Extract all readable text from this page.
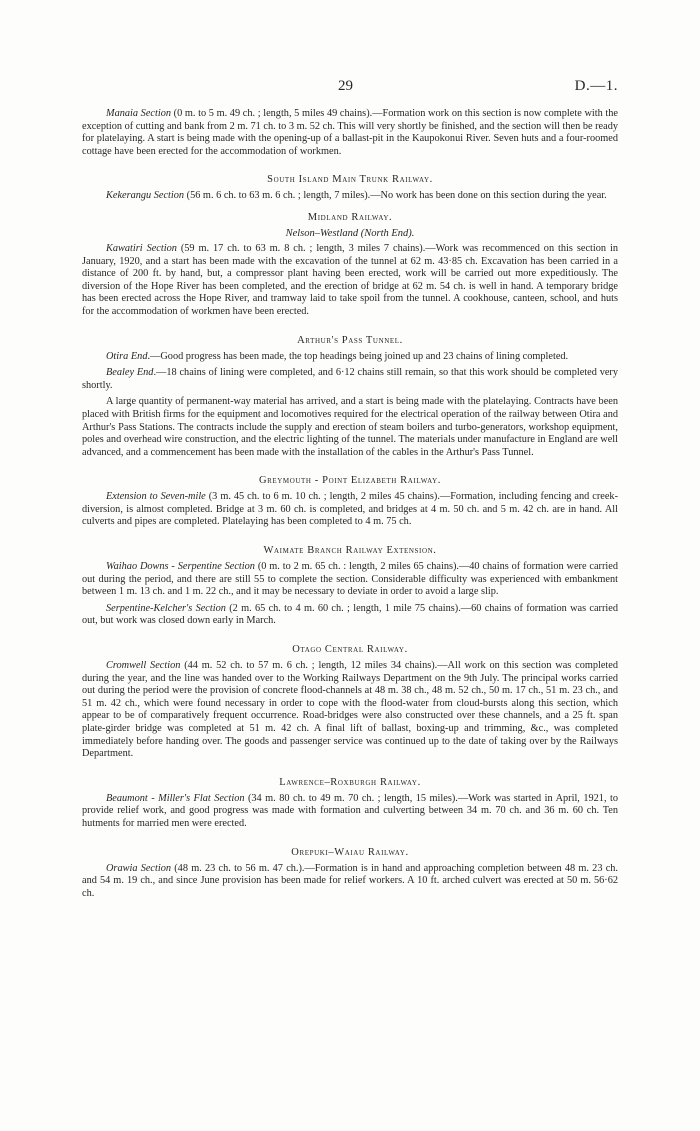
29	D.—1.

Manaia Section (0 m. to 5 m. 49 ch. ; length, 5 miles 49 chains).—Formation work on this section is now complete with the exception of cutting and bank from 2 m. 71 ch. to 3 m. 52 ch. This will very shortly be finished, and the section will then be ready for platelaying. A start is being made with the opening-up of a ballast-pit in the Kaupokonui River. Seven huts and a four-roomed cottage have been erected for the accommodation of workmen.

South Island Main Trunk Railway.

Kekerangu Section (56 m. 6 ch. to 63 m. 6 ch. ; length, 7 miles).—No work has been done on this section during the year.

Midland Railway.
Nelson–Westland (North End).

Kawatiri Section (59 m. 17 ch. to 63 m. 8 ch. ; length, 3 miles 7 chains).—Work was recommenced on this section in January, 1920, and a start has been made with the excavation of the tunnel at 62 m. 43·85 ch. Excavation has been carried in a distance of 200 ft. by hand, but, a compressor plant having been erected, work will be carried out more expeditiously. The diversion of the Hope River has been completed, and the erection of bridge at 62 m. 54 ch. is well in hand. A temporary bridge has been erected across the Hope River, and tramway laid to take spoil from the tunnel. A cookhouse, canteen, school, and huts for the accommodation of workmen have been erected.

Arthur's Pass Tunnel.

Otira End.—Good progress has been made, the top headings being joined up and 23 chains of lining completed.

Bealey End.—18 chains of lining were completed, and 6·12 chains still remain, so that this work should be completed very shortly.

A large quantity of permanent-way material has arrived, and a start is being made with the platelaying. Contracts have been placed with British firms for the equipment and locomotives required for the electrical operation of the railway between Otira and Arthur's Pass Stations. The contracts include the supply and erection of steam boilers and turbo-generators, workshop equipment, poles and overhead wire construction, and the electric lighting of the tunnel. The materials under manufacture in England are well advanced, and a commencement has been made with the installation of the cables in the Arthur's Pass Tunnel.

Greymouth - Point Elizabeth Railway.

Extension to Seven-mile (3 m. 45 ch. to 6 m. 10 ch. ; length, 2 miles 45 chains).—Formation, including fencing and creek-diversion, is almost completed. Bridge at 3 m. 60 ch. is completed, and bridges at 4 m. 50 ch. and 5 m. 42 ch. are in hand. All culverts and pipes are completed. Platelaying has been completed to 4 m. 75 ch.

Waimate Branch Railway Extension.

Waihao Downs - Serpentine Section (0 m. to 2 m. 65 ch. : length, 2 miles 65 chains).—40 chains of formation were carried out during the period, and there are still 55 to complete the section. Considerable difficulty was experienced with embankment between 1 m. 13 ch. and 1 m. 22 ch., and it may be necessary to deviate in order to avoid a large slip.

Serpentine-Kelcher's Section (2 m. 65 ch. to 4 m. 60 ch. ; length, 1 mile 75 chains).—60 chains of formation was carried out, but work was closed down early in March.

Otago Central Railway.

Cromwell Section (44 m. 52 ch. to 57 m. 6 ch. ; length, 12 miles 34 chains).—All work on this section was completed during the year, and the line was handed over to the Working Railways Department on the 9th July. The principal works carried out during the period were the provision of concrete flood-channels at 48 m. 38 ch., 48 m. 52 ch., 50 m. 17 ch., 51 m. 23 ch., and 51 m. 42 ch., which were found necessary in order to cope with the flood-water from cloud-bursts along this section, which appear to be of comparatively frequent occurrence. Road-bridges were also constructed over these channels, and a 25 ft. span plate-girder bridge was completed at 51 m. 42 ch. A final lift of ballast, boxing-up and trimming, &c., was completed immediately before handing over. The goods and passenger service was continued up to the date of taking over by the Railways Department.

Lawrence–Roxburgh Railway.

Beaumont - Miller's Flat Section (34 m. 80 ch. to 49 m. 70 ch. ; length, 15 miles).—Work was started in April, 1921, to provide relief work, and good progress was made with formation and culverting between 34 m. 70 ch. and 36 m. 60 ch. Ten hutments for married men were erected.

Orepuki–Waiau Railway.

Orawia Section (48 m. 23 ch. to 56 m. 47 ch.).—Formation is in hand and approaching completion between 48 m. 23 ch. and 54 m. 19 ch., and since June provision has been made for relief workers. A 10 ft. arched culvert was erected at 50 m. 56·62 ch.
